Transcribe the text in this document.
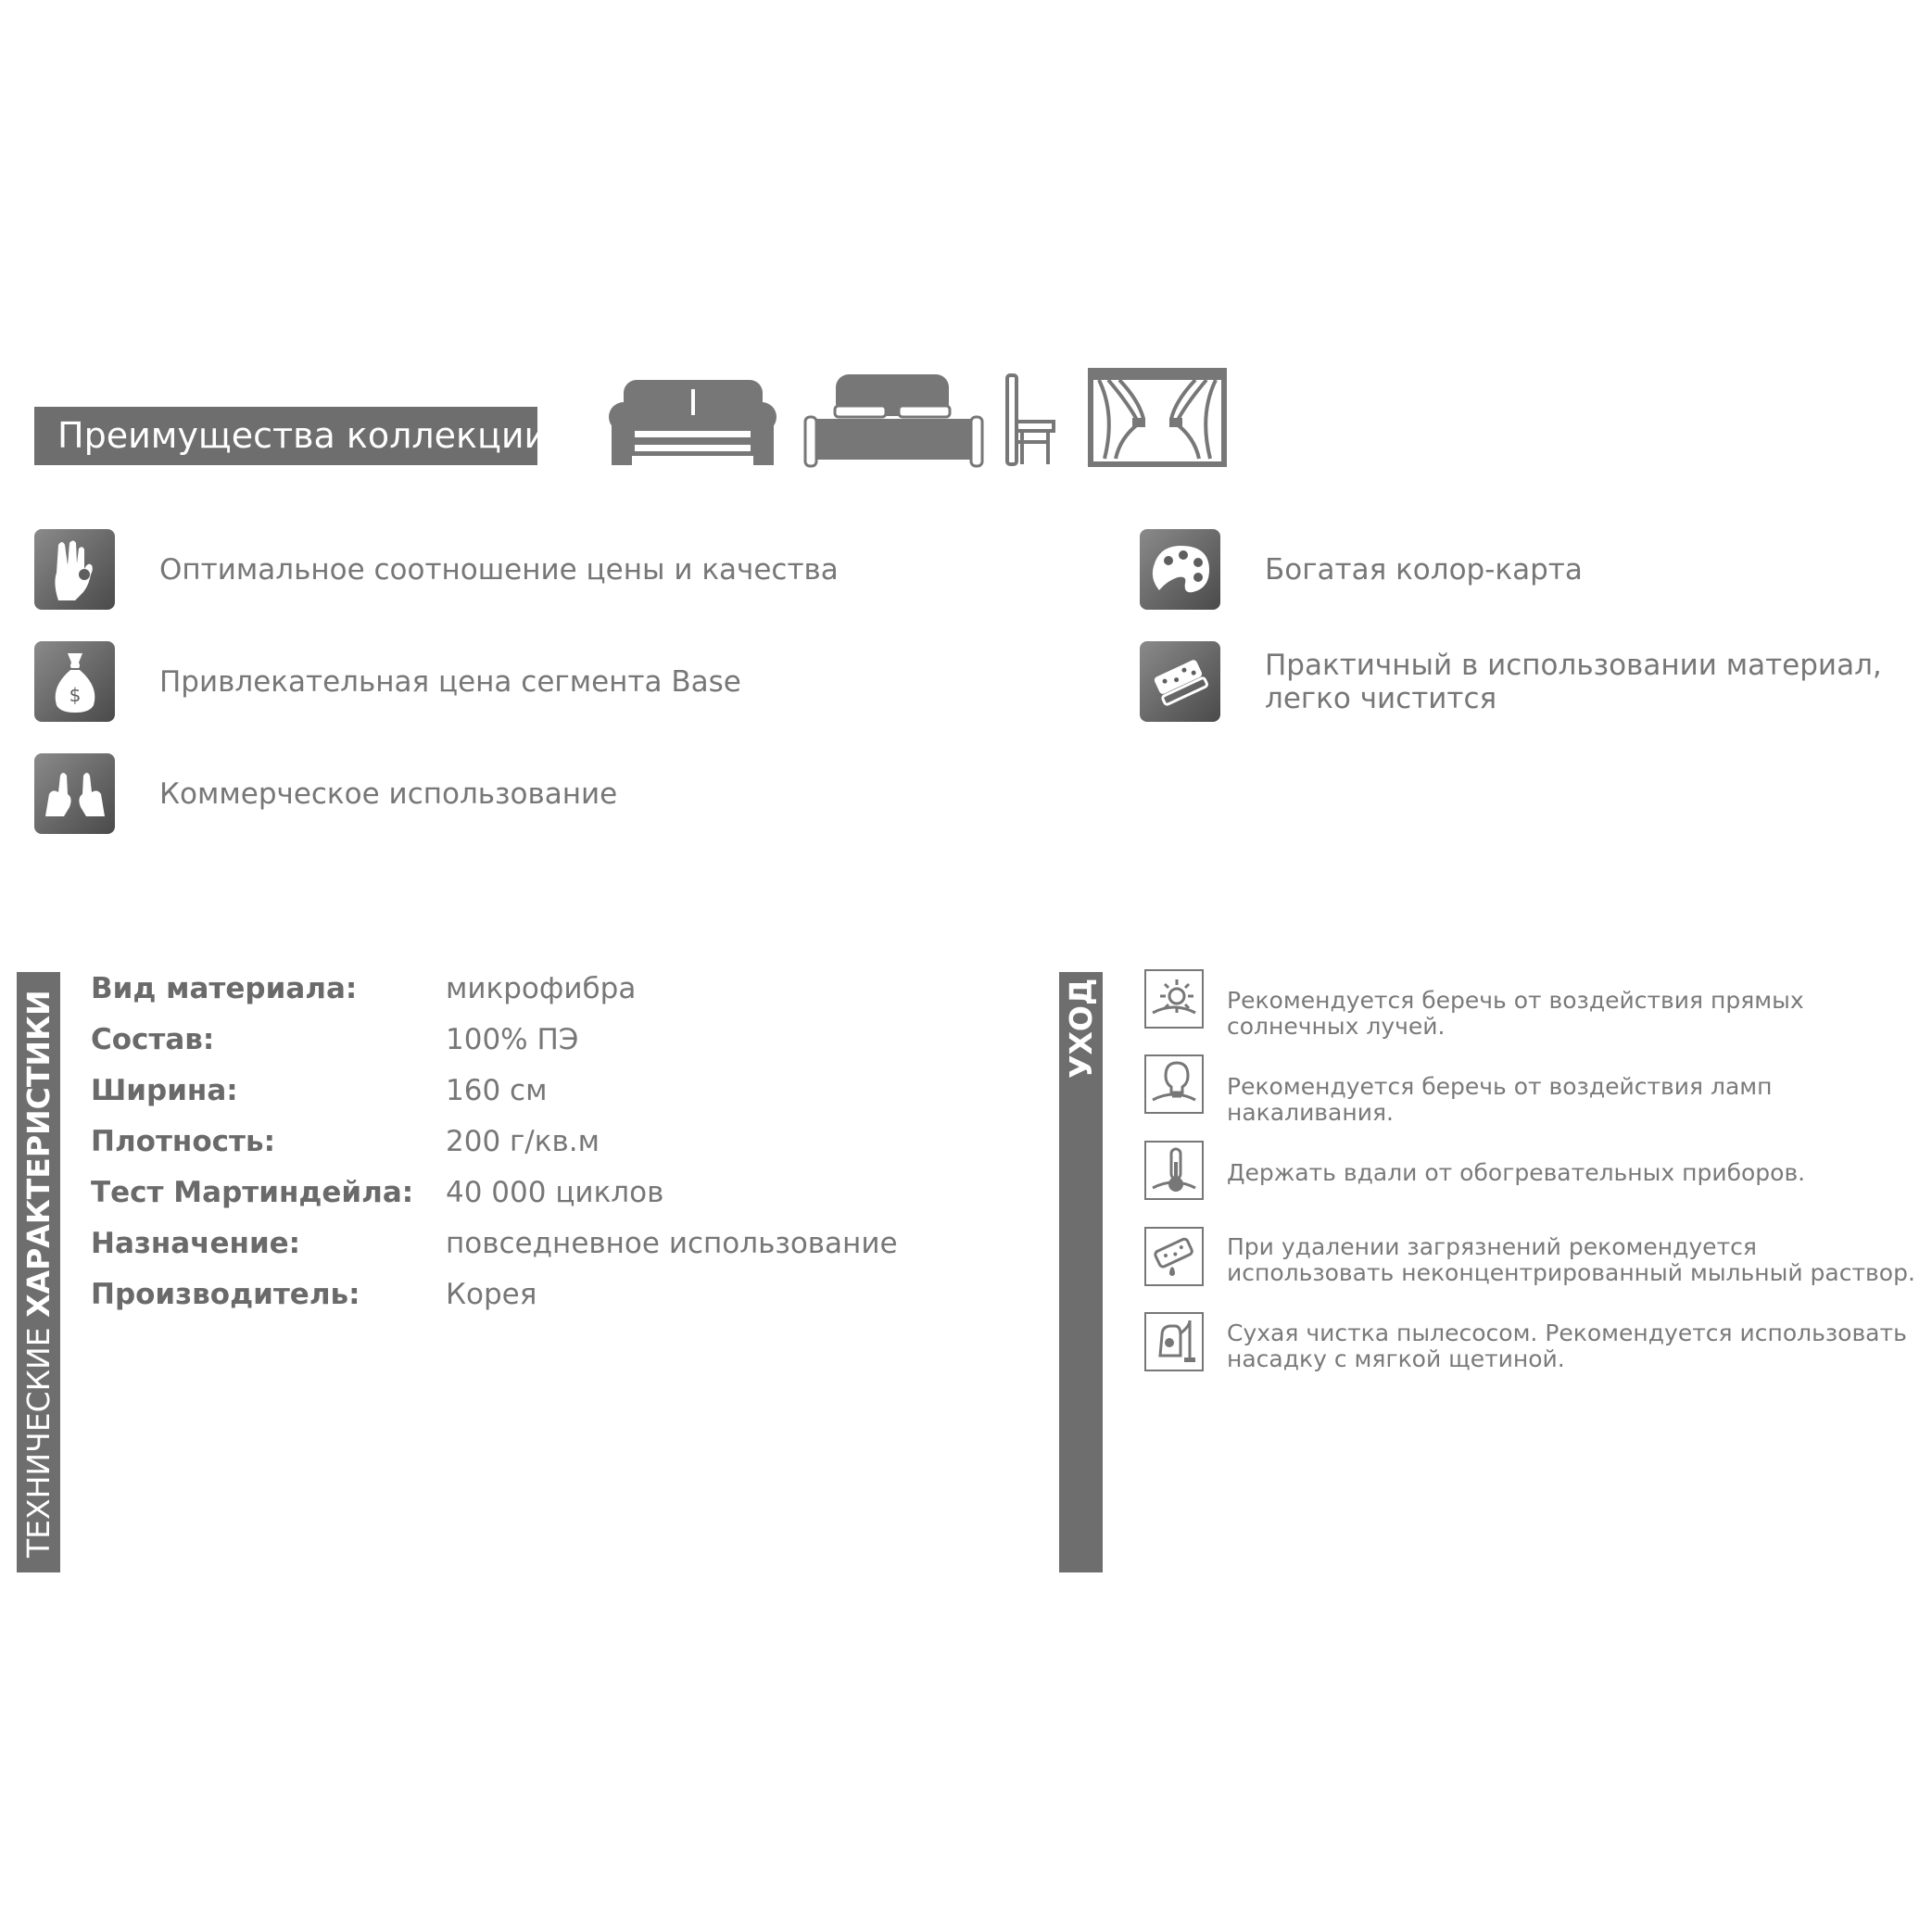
Преимущества коллекции
Оптимальное соотношение цены и качества
$	Привлекательная цена сегмента Base
Коммерческое использование
Богатая колор-карта
Практичный в использовании материал, легко чистится
ТЕХНИЧЕСКИЕ ХАРАКТЕРИСТИКИ
Вид материала:	микрофибра
Состав:	100% ПЭ
Ширина:	160 см
Плотность:	200 г/кв.м
Тест Мартиндейла: 40 000 циклов
Назначение:	повседневное использование
Производитель:	Корея
УХОД	Рекомендуется беречь от воздействия прямых солнечных лучей.
Рекомендуется беречь от воздействия ламп накаливания.
Держать вдали от обогревательных приборов.
При удалении загрязнений рекомендуется использовать неконцентрированный мыльный раствор.
Сухая чистка пылесосом. Рекомендуется использовать насадку с мягкой щетиной.
